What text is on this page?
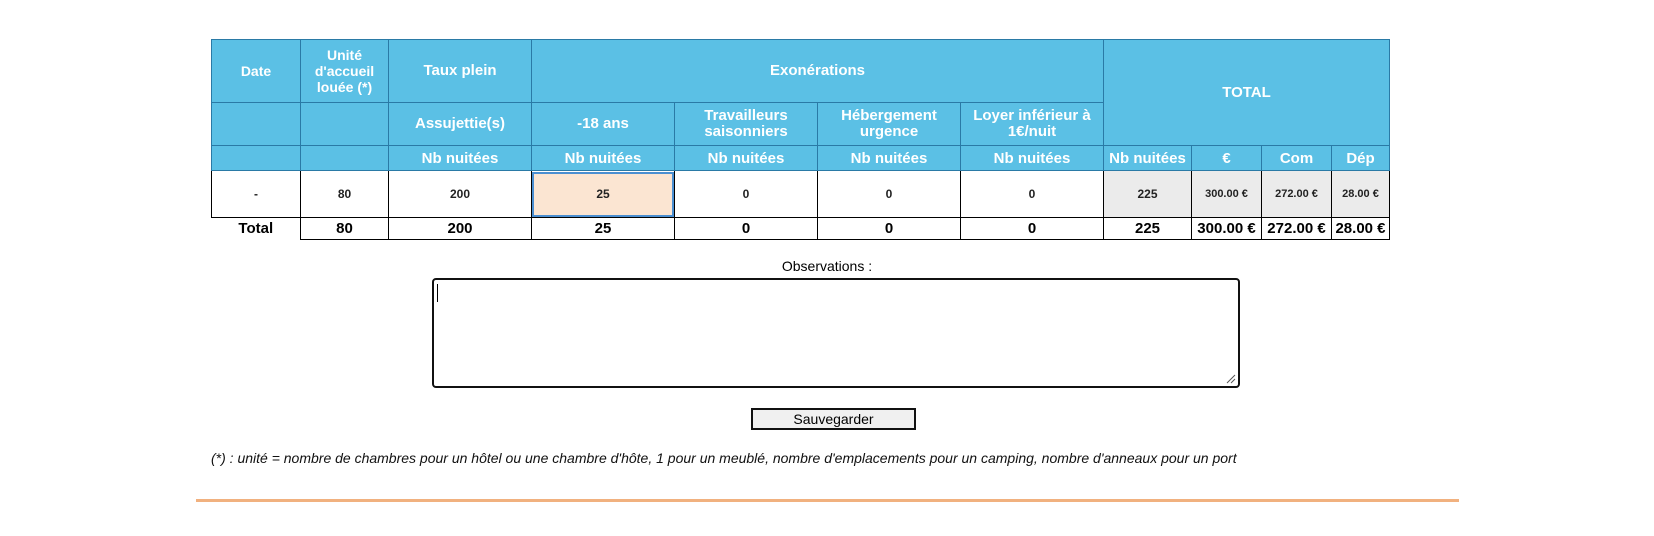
Date	Unité d'accueil louée (*)	Taux plein	Exonérations				TOTAL			
		Assujettie(s)	-18 ans	Travailleurs saisonniers	Hébergement urgence	Loyer inférieur à 1€/nuit				
		Nb nuitées	Nb nuitées	Nb nuitées	Nb nuitées	Nb nuitées	Nb nuitées	€	Com	Dép
-	80	200	25	0	0	0	225	300.00 €	272.00 €	28.00 €
Total	80	200	25	0	0	0	225	300.00 €	272.00 €	28.00 €
Observations :
Sauvegarder
(*) : unité = nombre de chambres pour un hôtel ou une chambre d'hôte, 1 pour un meublé, nombre d'emplacements pour un camping, nombre d'anneaux pour un port
